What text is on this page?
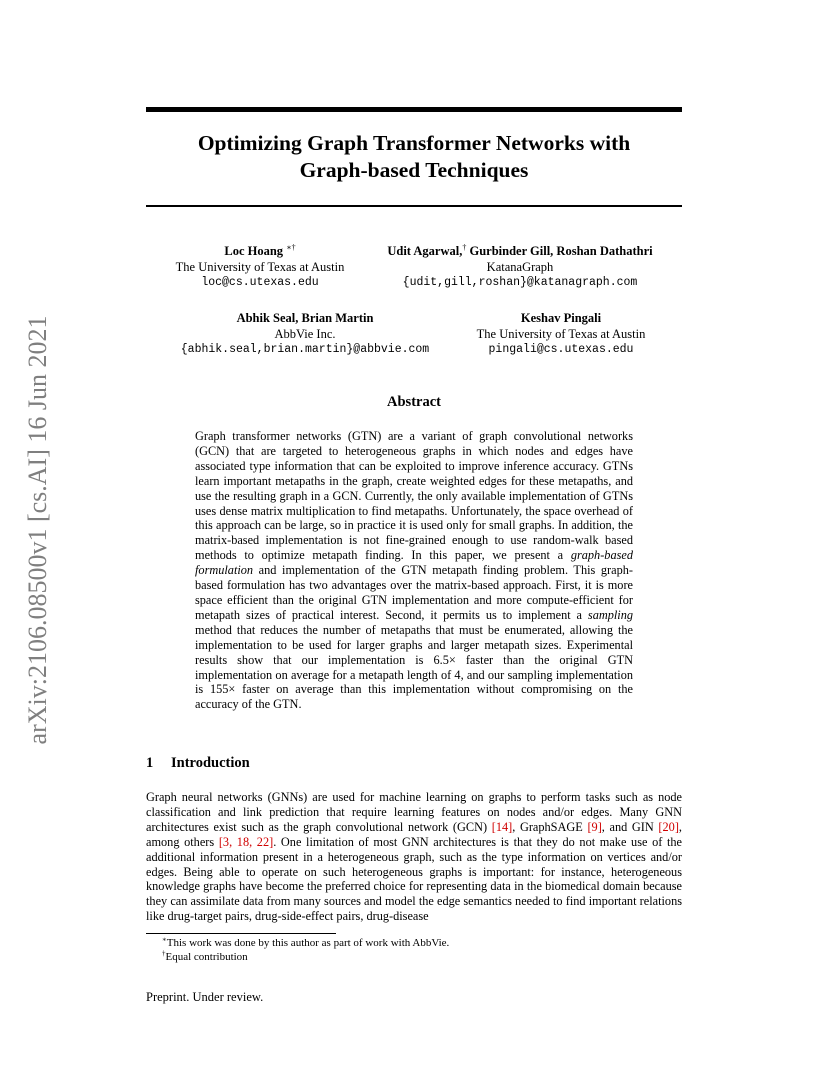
arXiv:2106.08500v1 [cs.AI] 16 Jun 2021
Optimizing Graph Transformer Networks with
Graph-based Techniques
Loc Hoang ∗†
The University of Texas at Austin
loc@cs.utexas.edu
Udit Agarwal,† Gurbinder Gill, Roshan Dathathri
KatanaGraph
{udit,gill,roshan}@katanagraph.com
Abhik Seal, Brian Martin
AbbVie Inc.
{abhik.seal,brian.martin}@abbvie.com
Keshav Pingali
The University of Texas at Austin
pingali@cs.utexas.edu
Abstract
Graph transformer networks (GTN) are a variant of graph convolutional networks (GCN) that are targeted to heterogeneous graphs in which nodes and edges have associated type information that can be exploited to improve inference accuracy. GTNs learn important metapaths in the graph, create weighted edges for these metapaths, and use the resulting graph in a GCN. Currently, the only available implementation of GTNs uses dense matrix multiplication to find metapaths. Unfortunately, the space overhead of this approach can be large, so in practice it is used only for small graphs. In addition, the matrix-based implementation is not fine-grained enough to use random-walk based methods to optimize metapath finding. In this paper, we present a graph-based formulation and implementation of the GTN metapath finding problem. This graph-based formulation has two advantages over the matrix-based approach. First, it is more space efficient than the original GTN implementation and more compute-efficient for metapath sizes of practical interest. Second, it permits us to implement a sampling method that reduces the number of metapaths that must be enumerated, allowing the implementation to be used for larger graphs and larger metapath sizes. Experimental results show that our implementation is 6.5× faster than the original GTN implementation on average for a metapath length of 4, and our sampling implementation is 155× faster on average than this implementation without compromising on the accuracy of the GTN.
1 Introduction
Graph neural networks (GNNs) are used for machine learning on graphs to perform tasks such as node classification and link prediction that require learning features on nodes and/or edges. Many GNN architectures exist such as the graph convolutional network (GCN) [14], GraphSAGE [9], and GIN [20], among others [3, 18, 22]. One limitation of most GNN architectures is that they do not make use of the additional information present in a heterogeneous graph, such as the type information on vertices and/or edges. Being able to operate on such heterogeneous graphs is important: for instance, heterogeneous knowledge graphs have become the preferred choice for representing data in the biomedical domain because they can assimilate data from many sources and model the edge semantics needed to find important relations like drug-target pairs, drug-side-effect pairs, drug-disease
∗This work was done by this author as part of work with AbbVie.
†Equal contribution
Preprint. Under review.
